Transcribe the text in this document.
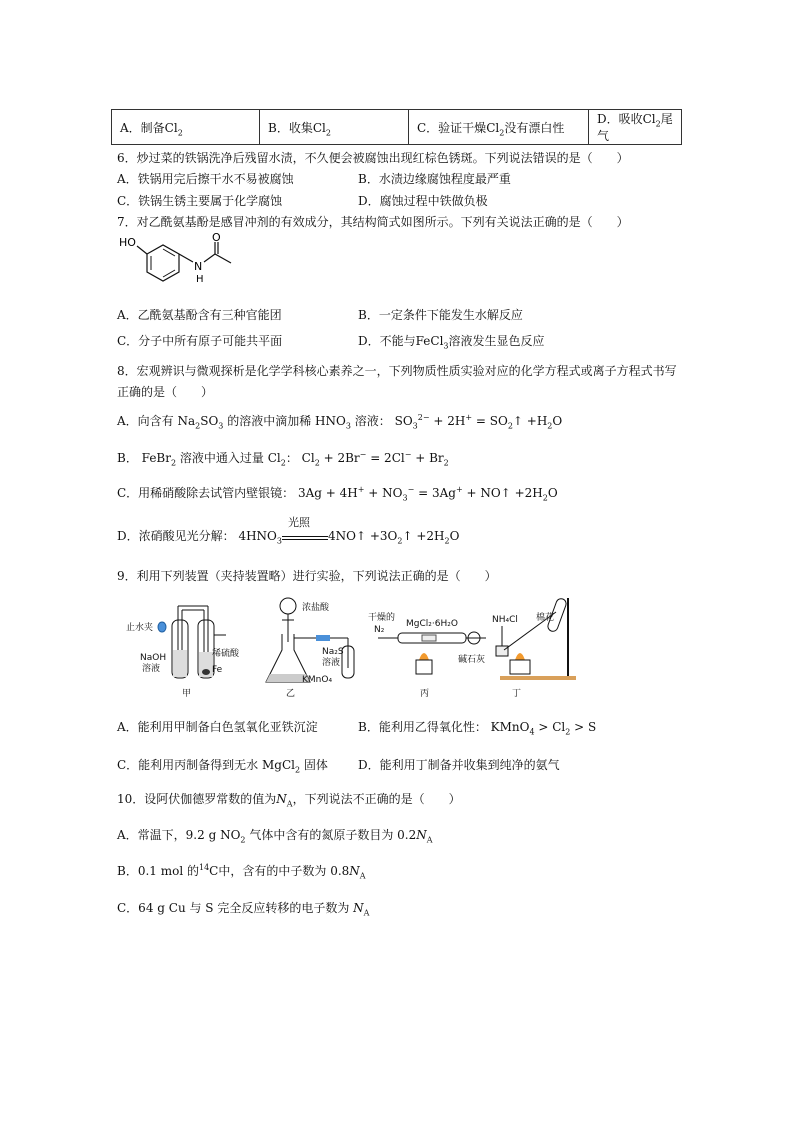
A．制备$Cl_2$	B．收集$Cl_2$	C．验证干燥$Cl_2$没有漂白性	D．吸收$Cl_2$尾气
6．炒过菜的铁锅洗净后残留水渍，不久便会被腐蚀出现红棕色锈斑。下列说法错误的是（　　）
A．铁锅用完后擦干水不易被腐蚀	B．水渍边缘腐蚀程度最严重
C．铁锅生锈主要属于化学腐蚀	D．腐蚀过程中铁做负极
7．对乙酰氨基酚是感冒冲剂的有效成分，其结构简式如图所示。下列有关说法正确的是（　　）
HO
N
H
O
A．乙酰氨基酚含有三种官能团	B．一定条件下能发生水解反应
C．分子中所有原子可能共平面	D．不能与FeCl$_3$溶液发生显色反应
8．宏观辨识与微观探析是化学学科核心素养之一，下列物质性质实验对应的化学方程式或离子方程式书写
正确的是（　　）
A．向含有 $Na_2SO_3$ 的溶液中滴加稀 $HNO_3$ 溶液： $SO_3^{2-} + 2H^+$ = $SO_2↑ +H_2O$
B． FeBr$_2$ 溶液中通入过量 $Cl_2$： $Cl_2 + 2Br^- = 2Cl^- + Br_2$
C．用稀硝酸除去试管内壁银镜： $3Ag + 4H^+ + NO_3^- = 3Ag^+$ + NO↑ $+2H_2O$
D．浓硝酸见光分解： $4HNO_3$
光照
4NO↑ $+3O_2↑ +2H_2O$
9．利用下列装置（夹持装置略）进行实验，下列说法正确的是（　　）
止水夹
稀硫酸
NaOH
溶液	Fe
甲
浓盐酸
Na₂S
溶液
KMnO₄
乙
干燥的
N₂
MgCl₂·6H₂O
碱石灰
丙
NH₄Cl 棉花
丁
A．能利用甲制备白色氢氧化亚铁沉淀	B．能利用乙得氧化性： KMnO$_4$ > $Cl_2 > S$
C．能利用丙制备得到无水 MgCl$_2$ 固体	D．能利用丁制备并收集到纯净的氨气
10．设阿伏伽德罗常数的值为$N_A$，下列说法不正确的是（　　）
A．常温下，9.2 g $NO_2$ 气体中含有的氮原子数目为 $0.2N_A$
B．0.1 mol 的$^{14}$C中，含有的中子数为 $0.8N_A$
C．64 g Cu 与 S 完全反应转移的电子数为 $N_A$
